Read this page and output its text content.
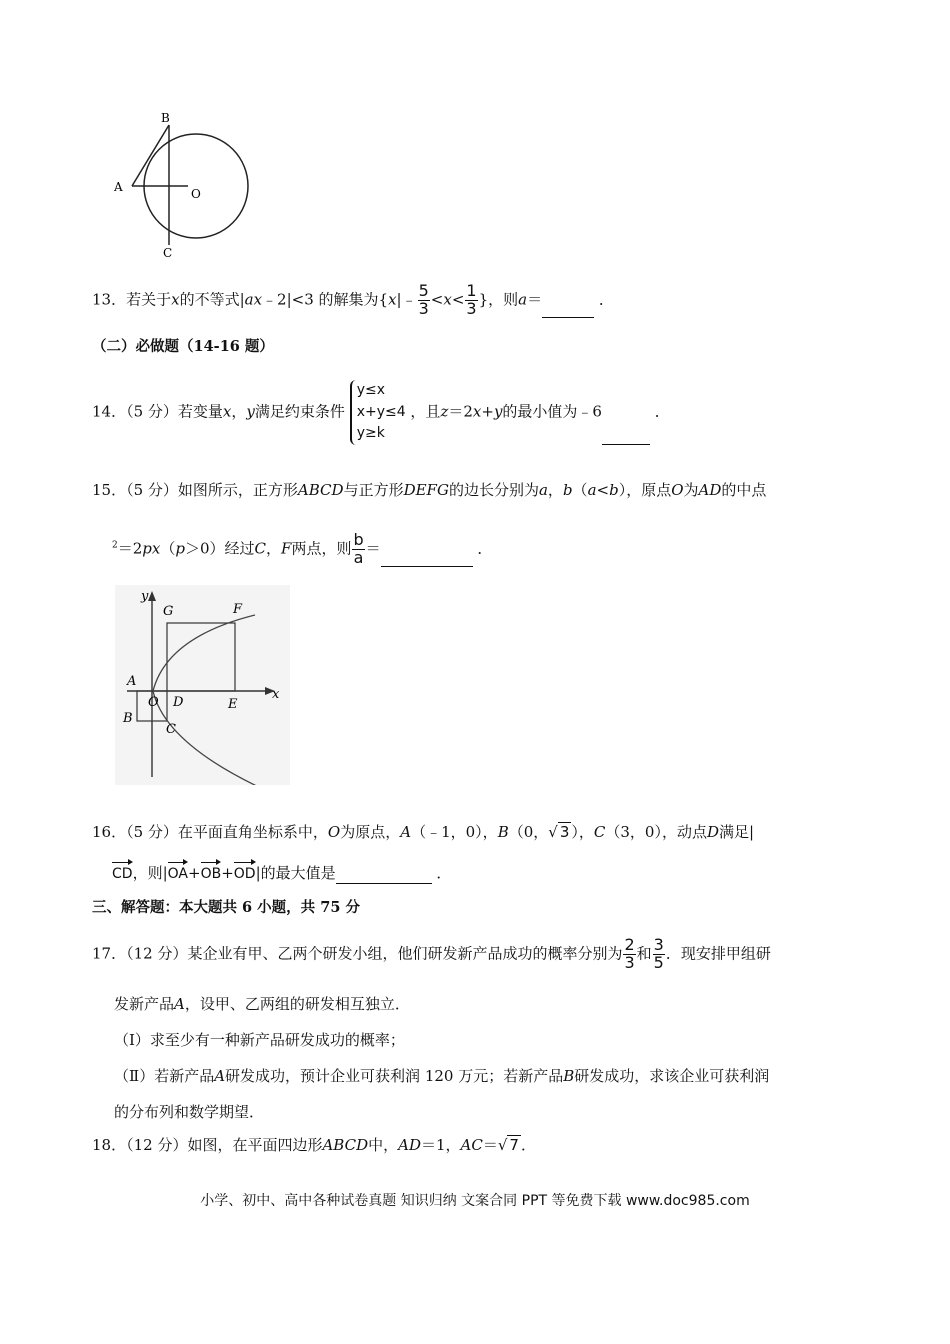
B
A	O
C
13．若关于x的不等式|ax﹣2|<3 的解集为{x|﹣ $\frac{5}{3} <x< \frac{1}{3}$ }，则a＝	．
（二）必做题（14-16 题）
14．（5 分）若变量x，y满足约束条件
y≤x
x+y≤4
y≥k
，且z＝2x+y的最小值为﹣6	．
15．（5 分）如图所示，正方形ABCD与正方形DEFG的边长分别为a，b（a<b），原点O为AD的中点
$^2$＝2px（p＞0）经过C，F两点，则 $\frac{b}{a}$ ＝	．
y
x
G	F
A
O D	E
B
C
16．（5 分）在平面直角坐标系中，O为原点，A（﹣1，0），B（0，√ 3 ），C（3，0），动点D满足|
CD，则|OA+OB+OD|的最大值是	．
三、解答题：本大题共 6 小题，共 75 分
17．（12 分）某企业有甲、乙两个研发小组，他们研发新产品成功的概率分别为 $\frac{2}{3}$ 和 $\frac{3}{5}$ ．现安排甲组研
发新产品A，设甲、乙两组的研发相互独立．
（Ⅰ）求至少有一种新产品研发成功的概率；
（Ⅱ）若新产品A研发成功，预计企业可获利润 120 万元；若新产品B研发成功，求该企业可获利润
的分布列和数学期望．
18．（12 分）如图，在平面四边形ABCD中，AD＝1，AC＝√ 7 ．
小学、初中、高中各种试卷真题 知识归纳 文案合同 PPT 等免费下载 www.doc985.com
